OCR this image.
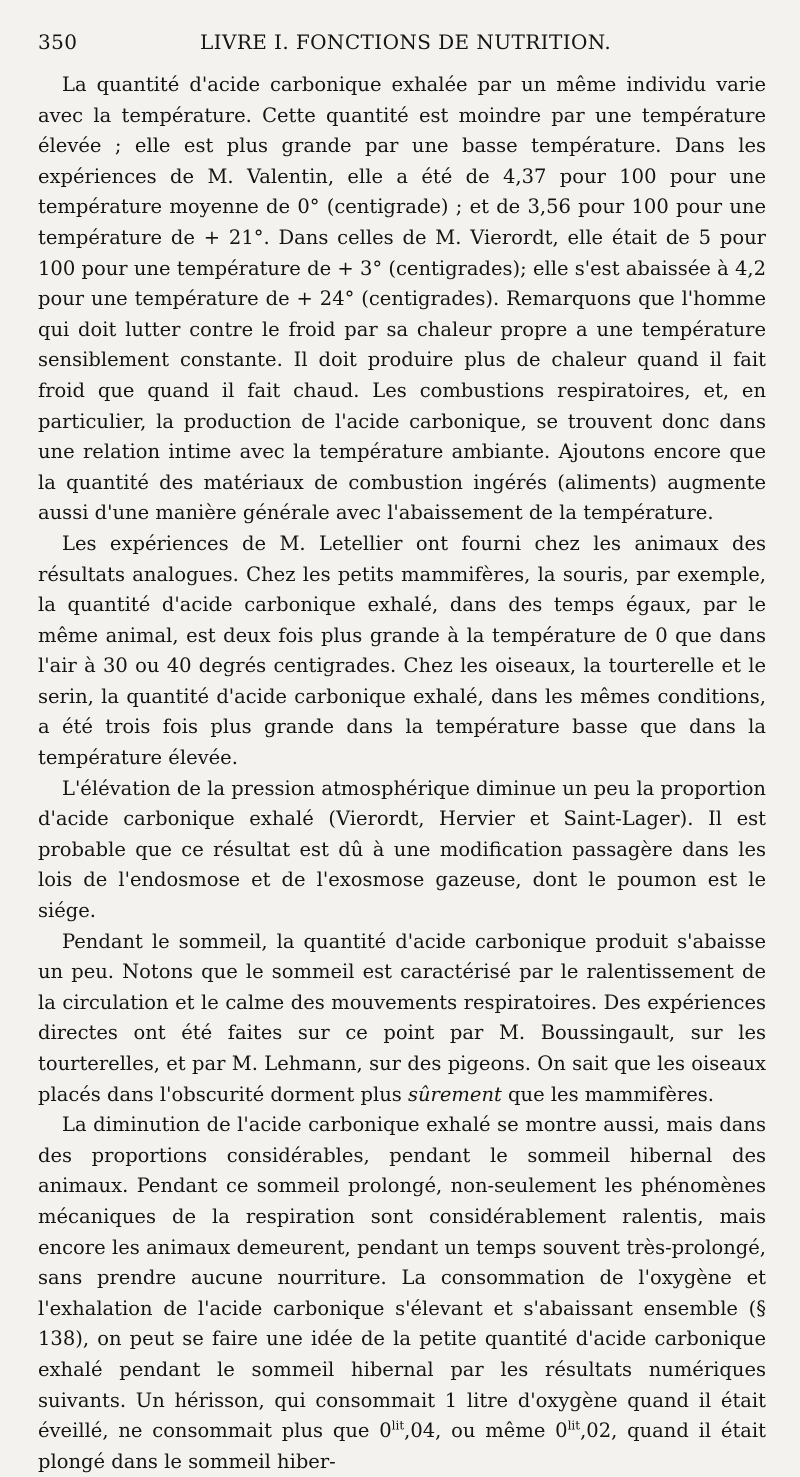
350	LIVRE I. FONCTIONS DE NUTRITION.

La quantité d'acide carbonique exhalée par un même individu varie avec la température. Cette quantité est moindre par une température élevée ; elle est plus grande par une basse température. Dans les expériences de M. Valentin, elle a été de 4,37 pour 100 pour une température moyenne de 0° (centigrade) ; et de 3,56 pour 100 pour une température de + 21°. Dans celles de M. Vierordt, elle était de 5 pour 100 pour une température de + 3° (centigrades); elle s'est abaissée à 4,2 pour une température de + 24° (centigrades). Remarquons que l'homme qui doit lutter contre le froid par sa chaleur propre a une température sensiblement constante. Il doit produire plus de chaleur quand il fait froid que quand il fait chaud. Les combustions respiratoires, et, en particulier, la production de l'acide carbonique, se trouvent donc dans une relation intime avec la température ambiante. Ajoutons encore que la quantité des matériaux de combustion ingérés (aliments) augmente aussi d'une manière générale avec l'abaissement de la température.

Les expériences de M. Letellier ont fourni chez les animaux des résultats analogues. Chez les petits mammifères, la souris, par exemple, la quantité d'acide carbonique exhalé, dans des temps égaux, par le même animal, est deux fois plus grande à la température de 0 que dans l'air à 30 ou 40 degrés centigrades. Chez les oiseaux, la tourterelle et le serin, la quantité d'acide carbonique exhalé, dans les mêmes conditions, a été trois fois plus grande dans la température basse que dans la température élevée.

L'élévation de la pression atmosphérique diminue un peu la proportion d'acide carbonique exhalé (Vierordt, Hervier et Saint-Lager). Il est probable que ce résultat est dû à une modification passagère dans les lois de l'endosmose et de l'exosmose gazeuse, dont le poumon est le siége.

Pendant le sommeil, la quantité d'acide carbonique produit s'abaisse un peu. Notons que le sommeil est caractérisé par le ralentissement de la circulation et le calme des mouvements respiratoires. Des expériences directes ont été faites sur ce point par M. Boussingault, sur les tourterelles, et par M. Lehmann, sur des pigeons. On sait que les oiseaux placés dans l'obscurité dorment plus sûrement que les mammifères.

La diminution de l'acide carbonique exhalé se montre aussi, mais dans des proportions considérables, pendant le sommeil hibernal des animaux. Pendant ce sommeil prolongé, non-seulement les phénomènes mécaniques de la respiration sont considérablement ralentis, mais encore les animaux demeurent, pendant un temps souvent très-prolongé, sans prendre aucune nourriture. La consommation de l'oxygène et l'exhalation de l'acide carbonique s'élevant et s'abaissant ensemble (§ 138), on peut se faire une idée de la petite quantité d'acide carbonique exhalé pendant le sommeil hibernal par les résultats numériques suivants. Un hérisson, qui consommait 1 litre d'oxygène quand il était éveillé, ne consommait plus que $0^{lit},04$, ou même $0^{lit},02$, quand il était plongé dans le sommeil hiber-
